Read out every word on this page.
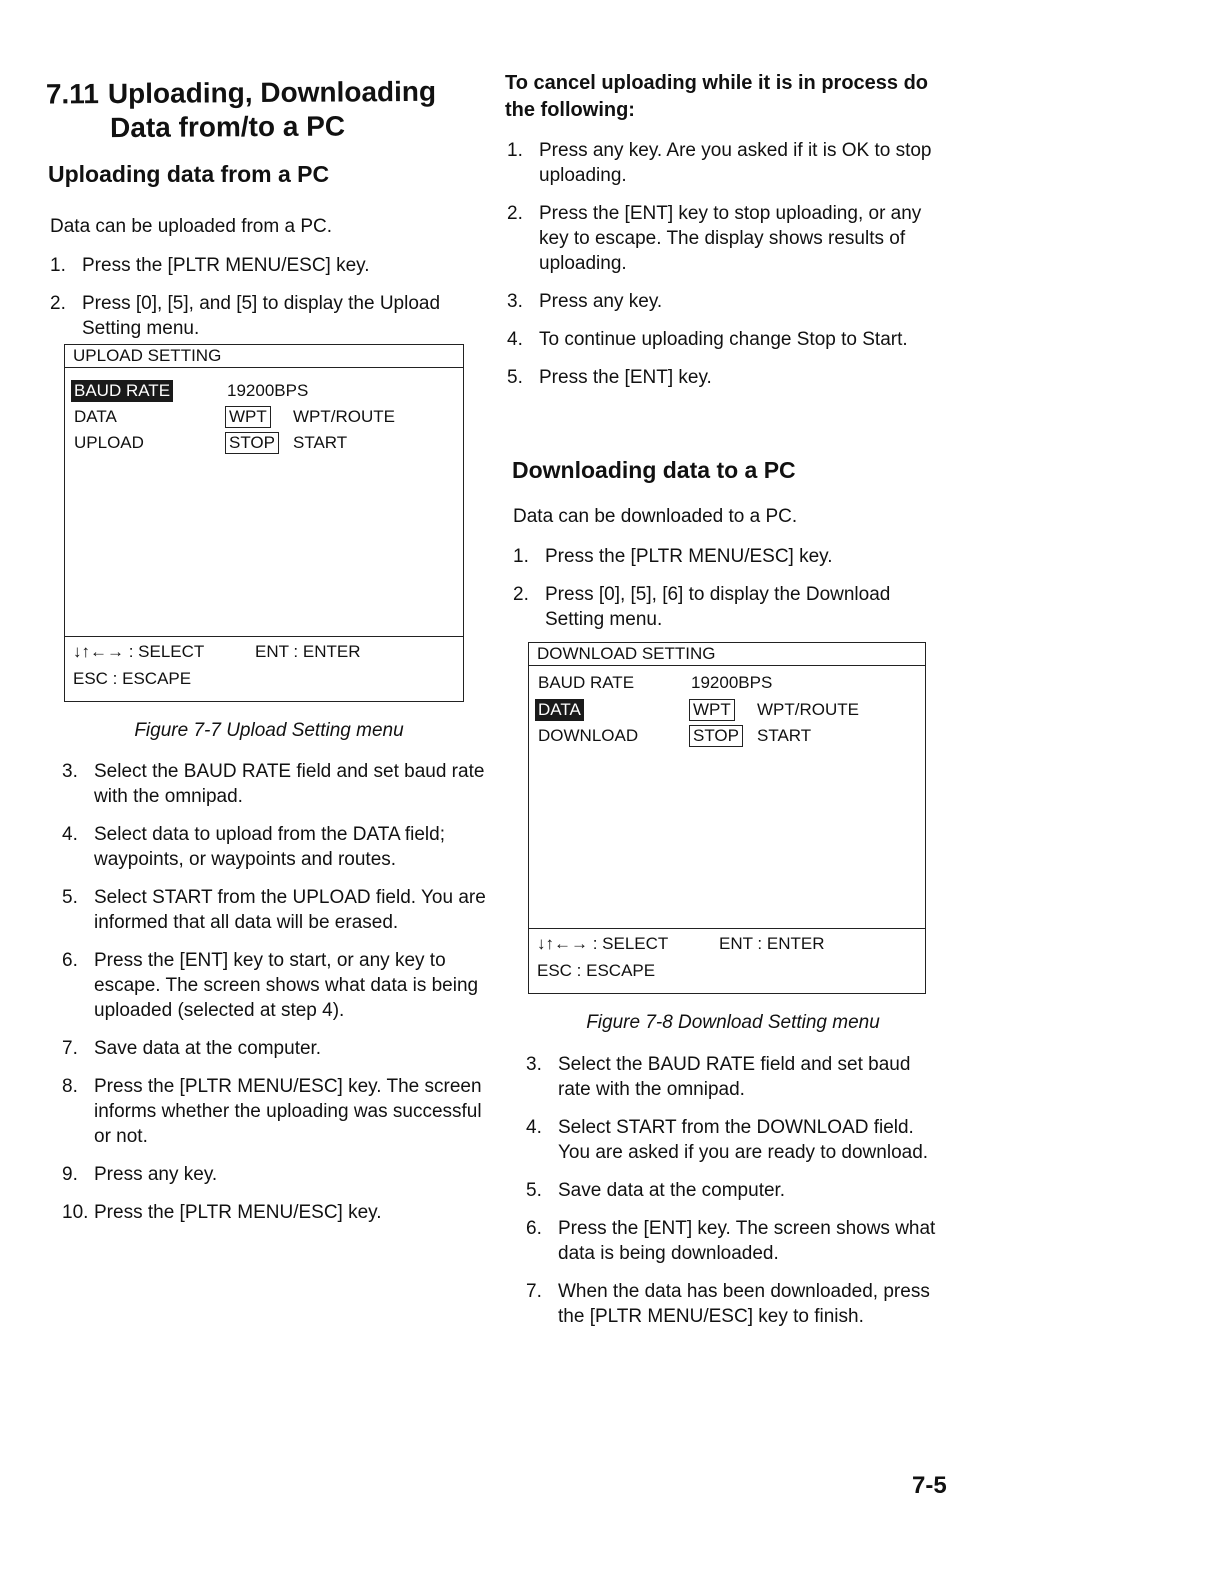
7.11 Uploading, Downloading
Data from/to a PC
Uploading data from a PC
Data can be uploaded from a PC.
1. Press the [PLTR MENU/ESC] key.
2. Press [0], [5], and [5] to display the Upload Setting menu.
UPLOAD SETTING
BAUD RATE	19200BPS
DATA	WPT WPT/ROUTE
UPLOAD	STOP START
↓↑←→ : SELECT	ENT : ENTER
ESC : ESCAPE
Figure 7-7 Upload Setting menu
3. Select the BAUD RATE field and set baud rate with the omnipad.
4. Select data to upload from the DATA field; waypoints, or waypoints and routes.
5. Select START from the UPLOAD field. You are informed that all data will be erased.
6. Press the [ENT] key to start, or any key to escape. The screen shows what data is being uploaded (selected at step 4).
7. Save data at the computer.
8. Press the [PLTR MENU/ESC] key. The screen informs whether the uploading was successful or not.
9. Press any key.
10. Press the [PLTR MENU/ESC] key.
To cancel uploading while it is in process do the following:
1. Press any key. Are you asked if it is OK to stop uploading.
2. Press the [ENT] key to stop uploading, or any key to escape. The display shows results of uploading.
3. Press any key.
4. To continue uploading change Stop to Start.
5. Press the [ENT] key.
Downloading data to a PC
Data can be downloaded to a PC.
1. Press the [PLTR MENU/ESC] key.
2. Press [0], [5], [6] to display the Download Setting menu.
DOWNLOAD SETTING
BAUD RATE	19200BPS
DATA	WPT WPT/ROUTE
DOWNLOAD	STOP START
↓↑←→ : SELECT	ENT : ENTER
ESC : ESCAPE
Figure 7-8 Download Setting menu
3. Select the BAUD RATE field and set baud rate with the omnipad.
4. Select START from the DOWNLOAD field. You are asked if you are ready to download.
5. Save data at the computer.
6. Press the [ENT] key. The screen shows what data is being downloaded.
7. When the data has been downloaded, press the [PLTR MENU/ESC] key to finish.
7-5
